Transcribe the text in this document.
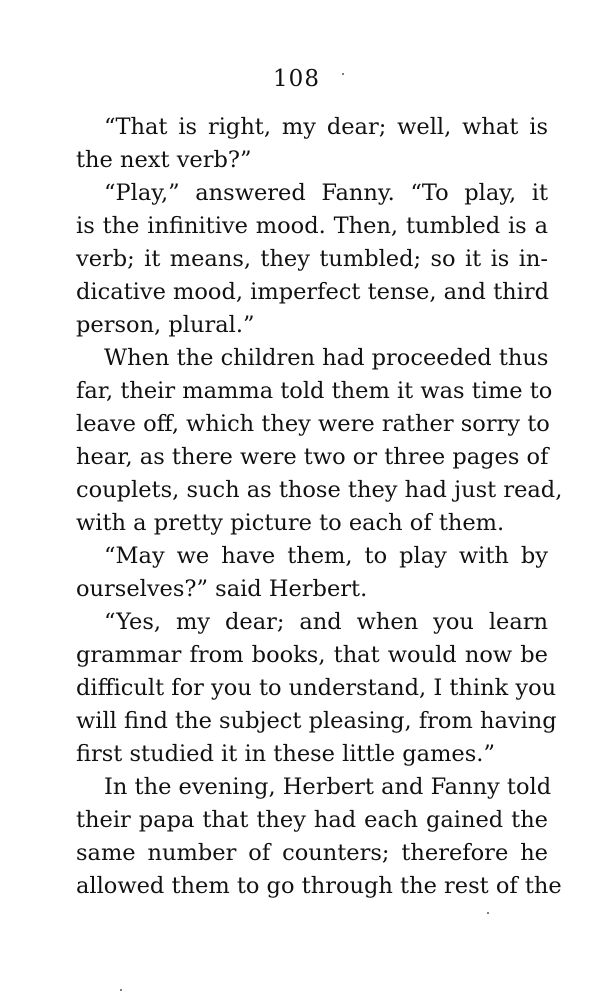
108

“That is right, my dear; well, what is
the next verb?”

“Play,” answered Fanny. “To play, it
is the infinitive mood. Then, tumbled is a
verb; it means, they tumbled; so it is in-
dicative mood, imperfect tense, and third
person, plural.”

When the children had proceeded thus
far, their mamma told them it was time to
leave off, which they were rather sorry to
hear, as there were two or three pages of
couplets, such as those they had just read,
with a pretty picture to each of them.

“May we have them, to play with by
ourselves?” said Herbert.

“Yes, my dear; and when you learn
grammar from books, that would now be
difficult for you to understand, I think you
will find the subject pleasing, from having
first studied it in these little games.”

In the evening, Herbert and Fanny told
their papa that they had each gained the
same number of counters; therefore he
allowed them to go through the rest of the
